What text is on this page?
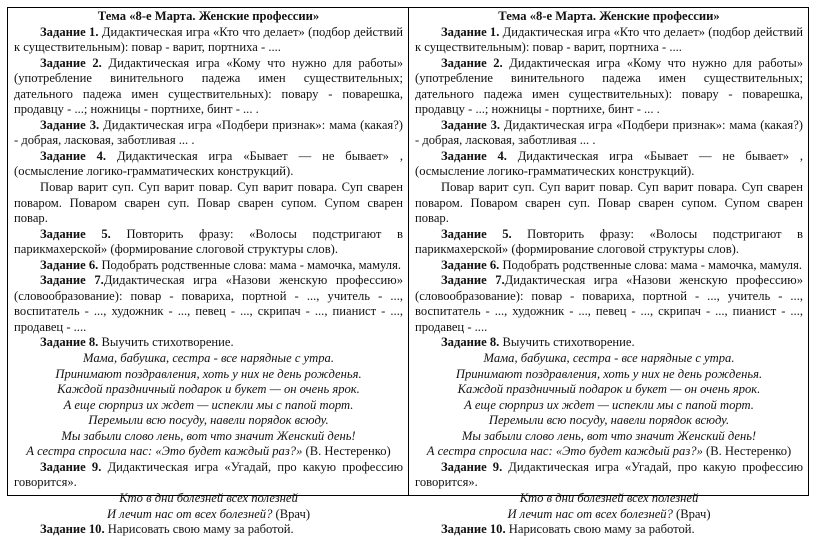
Тема «8-е Марта. Женские профессии»

Задание 1. Дидактическая игра «Кто что делает» (подбор действий к существительным): повар - варит, портниха - ....

Задание 2. Дидактическая игра «Кому что нужно для работы» (употребление винительного падежа имен существительных; дательного падежа имен существительных): повару - поварешка, продавцу - ...; ножницы - портнихе, бинт - ... .

Задание 3. Дидактическая игра «Подбери признак»: мама (какая?) - добрая, ласковая, заботливая ... .

Задание 4. Дидактическая игра «Бывает — не бывает» , (осмысление логико-грамматических конструкций).

Повар варит суп. Суп варит повар. Суп варит повара. Суп сварен поваром. Поваром сварен суп. Повар сварен супом. Супом сварен повар.

Задание 5. Повторить фразу: «Волосы подстригают в парикмахерской» (формирование слоговой структуры слов).

Задание 6. Подобрать родственные слова: мама - мамочка, мамуля.

Задание 7.Дидактическая игра «Назови женскую профессию» (словообразование): повар - повариха, портной - ..., учитель - ..., воспитатель - ..., художник - ..., певец - ..., скрипач - ..., пианист - ..., продавец - ....

Задание 8. Выучить стихотворение.

Мама, бабушка, сестра - все нарядные с утра.

Принимают поздравления, хоть у них не день рожденья.

Каждой праздничный подарок и букет — он очень ярок.

А еще сюрприз их ждет — испекли мы с папой торт.

Перемыли всю посуду, навели порядок всюду.

Мы забыли слово лень, вот что значит Женский день!

А сестра спросила нас: «Это будет каждый раз?» (В. Нестеренко)

Задание 9. Дидактическая игра «Угадай, про какую профессию говорится».

Кто в дни болезней всех полезней

И лечит нас от всех болезней? (Врач)

Задание 10. Нарисовать свою маму за работой.

Тема «8-е Марта. Женские профессии»

Задание 1. Дидактическая игра «Кто что делает» (подбор действий к существительным): повар - варит, портниха - ....

Задание 2. Дидактическая игра «Кому что нужно для работы» (употребление винительного падежа имен существительных; дательного падежа имен существительных): повару - поварешка, продавцу - ...; ножницы - портнихе, бинт - ... .

Задание 3. Дидактическая игра «Подбери признак»: мама (какая?) - добрая, ласковая, заботливая ... .

Задание 4. Дидактическая игра «Бывает — не бывает» , (осмысление логико-грамматических конструкций).

Повар варит суп. Суп варит повар. Суп варит повара. Суп сварен поваром. Поваром сварен суп. Повар сварен супом. Супом сварен повар.

Задание 5. Повторить фразу: «Волосы подстригают в парикмахерской» (формирование слоговой структуры слов).

Задание 6. Подобрать родственные слова: мама - мамочка, мамуля.

Задание 7.Дидактическая игра «Назови женскую профессию» (словообразование): повар - повариха, портной - ..., учитель - ..., воспитатель - ..., художник - ..., певец - ..., скрипач - ..., пианист - ..., продавец - ....

Задание 8. Выучить стихотворение.

Мама, бабушка, сестра - все нарядные с утра.

Принимают поздравления, хоть у них не день рожденья.

Каждой праздничный подарок и букет — он очень ярок.

А еще сюрприз их ждет — испекли мы с папой торт.

Перемыли всю посуду, навели порядок всюду.

Мы забыли слово лень, вот что значит Женский день!

А сестра спросила нас: «Это будет каждый раз?» (В. Нестеренко)

Задание 9. Дидактическая игра «Угадай, про какую профессию говорится».

Кто в дни болезней всех полезней

И лечит нас от всех болезней? (Врач)

Задание 10. Нарисовать свою маму за работой.
